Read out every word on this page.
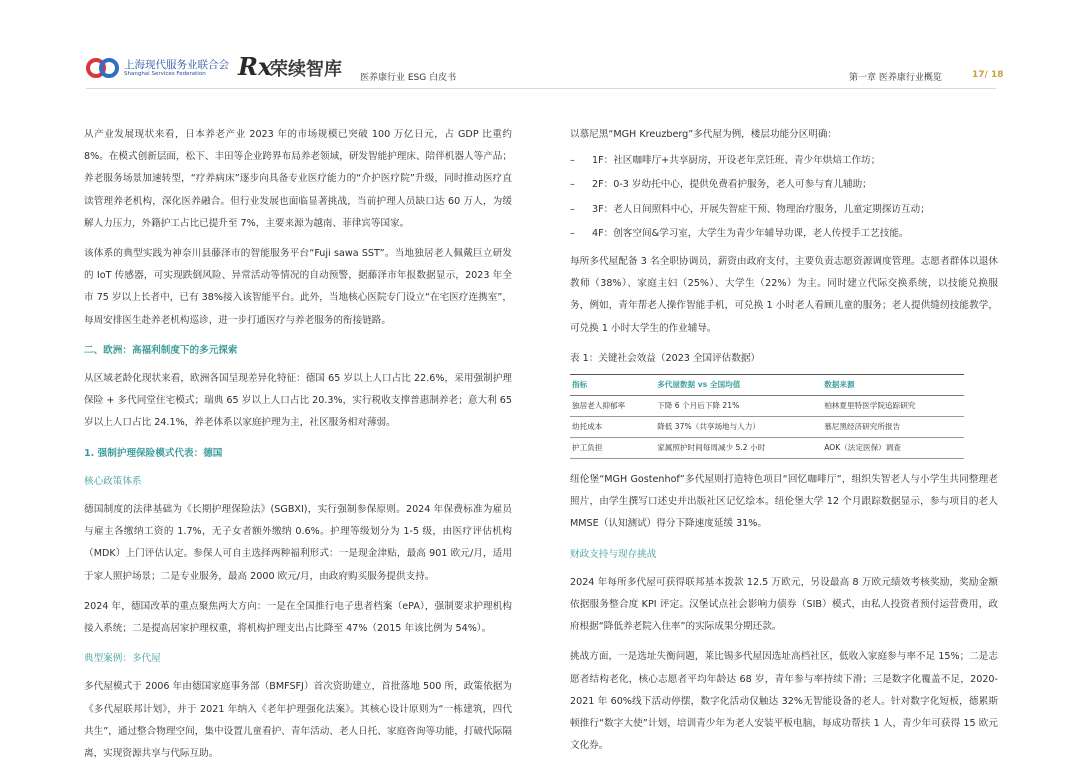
上海现代服务业联合会
Shanghai Services Federation Rx
荣续智库 医养康行业 ESG 白皮书	第一章 医养康行业概览	17/ 18

从产业发展现状来看，日本养老产业 2023 年的市场规模已突破 100 万亿日元，占 GDP 比重约 8%。在模式创新层面，松下、丰田等企业跨界布局养老领域，研发智能护理床、陪伴机器人等产品；养老服务场景加速转型，“疗养病床”逐步向具备专业医疗能力的“介护医疗院”升级，同时推动医疗直读管理养老机构，深化医养融合。但行业发展也面临显著挑战，当前护理人员缺口达 60 万人，为缓解人力压力，外籍护工占比已提升至 7%，主要来源为越南、菲律宾等国家。

该体系的典型实践为神奈川县藤泽市的智能服务平台“Fuji sawa SST”。当地独居老人佩戴巨立研发的 IoT 传感器，可实现跌倒风险、异常活动等情况的自动预警，据藤泽市年报数据显示，2023 年全市 75 岁以上长者中，已有 38%接入该智能平台。此外，当地核心医院专门设立“在宅医疗连携室”，每周安排医生赴养老机构巡诊，进一步打通医疗与养老服务的衔接链路。

二、欧洲：高福利制度下的多元探索

从区域老龄化现状来看，欧洲各国呈现差异化特征：德国 65 岁以上人口占比 22.6%，采用强制护理保险 + 多代同堂住宅模式；瑞典 65 岁以上人口占比 20.3%，实行税收支撑普惠制养老；意大利 65 岁以上人口占比 24.1%，养老体系以家庭护理为主，社区服务相对薄弱。

1. 强制护理保险模式代表：德国
核心政策体系

德国制度的法律基础为《长期护理保险法》(SGBXI)，实行强制参保原则。2024 年保费标准为雇员与雇主各缴纳工资的 1.7%，无子女者额外缴纳 0.6%。护理等级划分为 1-5 级，由医疗评估机构（MDK）上门评估认定。参保人可自主选择两种福利形式：一是现金津贴，最高 901 欧元/月，适用于家人照护场景；二是专业服务，最高 2000 欧元/月，由政府购买服务提供支持。

2024 年，德国改革的重点聚焦两大方向：一是在全国推行电子患者档案（ePA），强制要求护理机构接入系统；二是提高居家护理权重，将机构护理支出占比降至 47%（2015 年该比例为 54%）。

典型案例：多代屋

多代屋模式于 2006 年由德国家庭事务部（BMFSFJ）首次资助建立，首批落地 500 所，政策依据为《多代屋联邦计划》，并于 2021 年纳入《老年护理强化法案》。其核心设计原则为“一栋建筑，四代共生”，通过整合物理空间，集中设置儿童看护、青年活动、老人日托、家庭咨询等功能，打破代际隔离，实现资源共享与代际互助。

以慕尼黑“MGH Kreuzberg”多代屋为例，楼层功能分区明确：

–	1F：社区咖啡厅+共享厨房，开设老年烹饪班、青少年烘焙工作坊；
–	2F：0-3 岁幼托中心，提供免费看护服务，老人可参与育儿辅助；
–	3F：老人日间照料中心，开展失智症干预、物理治疗服务，儿童定期探访互动；
–	4F：创客空间&学习室，大学生为青少年辅导功课，老人传授手工艺技能。

每所多代屋配备 3 名全职协调员，薪资由政府支付，主要负责志愿资源调度管理。志愿者群体以退休教师（38%）、家庭主妇（25%）、大学生（22%）为主。同时建立代际交换系统，以技能兑换服务，例如，青年帮老人操作智能手机，可兑换 1 小时老人看顾儿童的服务；老人提供缝纫技能教学，可兑换 1 小时大学生的作业辅导。

表 1：关键社会效益（2023 全国评估数据）
指标	多代屋数据 vs 全国均值	数据来源
独居老人抑郁率	下降 6 个月后下降 21%	柏林夏里特医学院追踪研究
幼托成本	降低 37%（共享场地与人力）	慕尼黑经济研究所报告
护工负担	家属照护时间每周减少 5.2 小时	AOK（法定医保）调查

纽伦堡“MGH Gostenhof”多代屋则打造特色项目“回忆咖啡厅”，组织失智老人与小学生共同整理老照片，由学生撰写口述史并出版社区记忆绘本。纽伦堡大学 12 个月跟踪数据显示，参与项目的老人 MMSE（认知测试）得分下降速度延缓 31%。

财政支持与现存挑战

2024 年每所多代屋可获得联邦基本拨款 12.5 万欧元，另设最高 8 万欧元绩效考核奖励，奖励金额依据服务整合度 KPI 评定。汉堡试点社会影响力债券（SIB）模式，由私人投资者预付运营费用，政府根据“降低养老院入住率”的实际成果分期还款。

挑战方面，一是选址失衡问题，莱比锡多代屋因选址高档社区，低收入家庭参与率不足 15%；二是志愿者结构老化，核心志愿者平均年龄达 68 岁，青年参与率持续下滑；三是数字化覆盖不足，2020-2021 年 60%线下活动停摆，数字化活动仅触达 32%无智能设备的老人。针对数字化短板，德累斯顿推行“数字大使”计划，培训青少年为老人安装平板电脑，每成功帮扶 1 人，青少年可获得 15 欧元文化券。
